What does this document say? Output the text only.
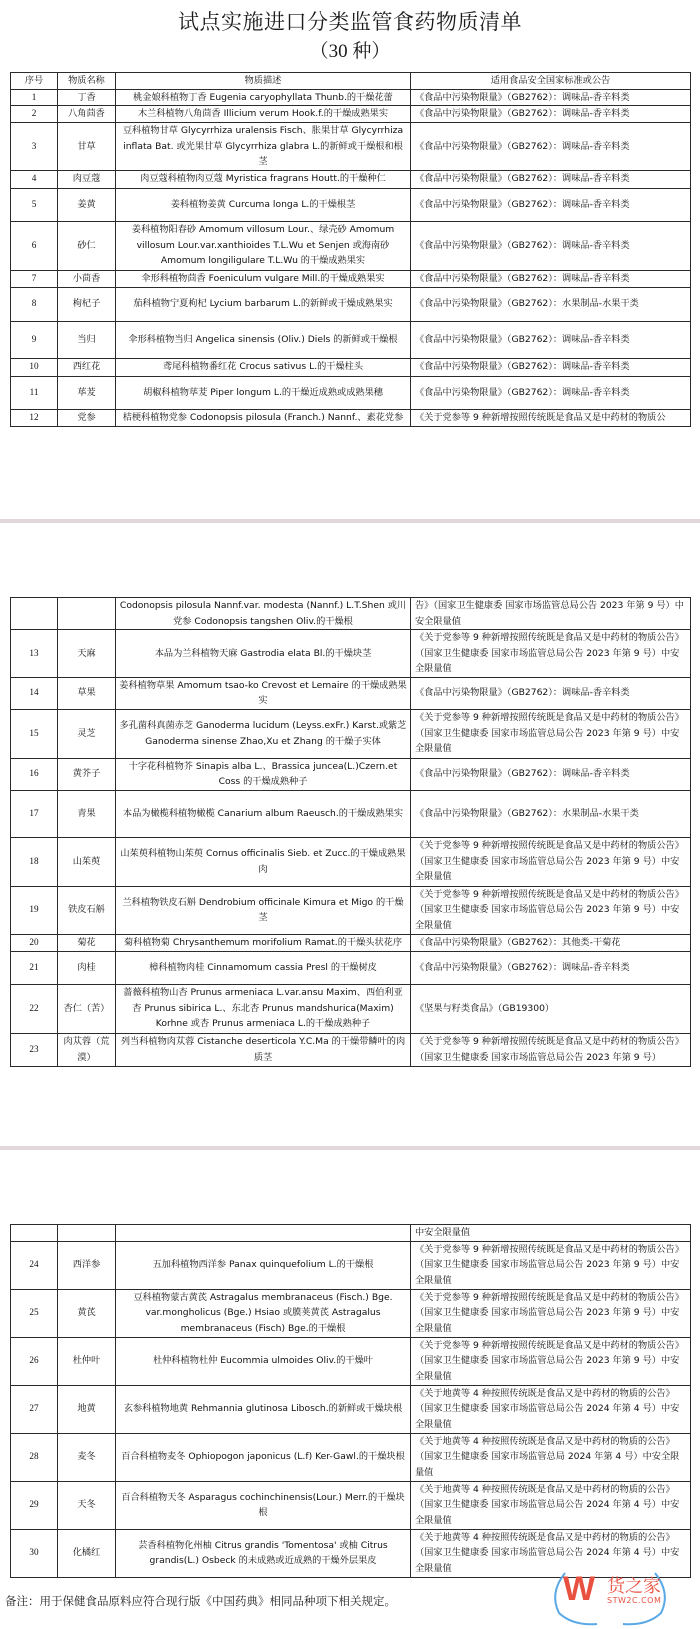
试点实施进口分类监管食药物质清单
（30 种）
序号	物质名称	物质描述	适用食品安全国家标准或公告
1	丁香	桃金娘科植物丁香 Eugenia caryophyllata Thunb.的干燥花蕾	《食品中污染物限量》（GB2762）：调味品-香辛料类
2	八角茴香	木兰科植物八角茴香 Illicium verum Hook.f.的干燥成熟果实	《食品中污染物限量》（GB2762）：调味品-香辛料类
3	甘草	豆科植物甘草 Glycyrrhiza uralensis Fisch、胀果甘草 Glycyrrhiza inflata Bat. 或光果甘草 Glycyrrhiza glabra L.的新鲜或干燥根和根茎	《食品中污染物限量》（GB2762）：调味品-香辛料类
4	肉豆蔻	肉豆蔻科植物肉豆蔻 Myristica fragrans Houtt.的干燥种仁	《食品中污染物限量》（GB2762）：调味品-香辛料类
5	姜黄	姜科植物姜黄 Curcuma longa L.的干燥根茎	《食品中污染物限量》（GB2762）：调味品-香辛料类
6	砂仁	姜科植物阳春砂 Amomum villosum Lour.、绿壳砂 Amomum villosum Lour.var.xanthioides T.L.Wu et Senjen 或海南砂 Amomum longiligulare T.L.Wu 的干燥成熟果实	《食品中污染物限量》（GB2762）：调味品-香辛料类
7	小茴香	伞形科植物茴香 Foeniculum vulgare Mill.的干燥成熟果实	《食品中污染物限量》（GB2762）：调味品-香辛料类
8	枸杞子	茄科植物宁夏枸杞 Lycium barbarum L.的新鲜或干燥成熟果实	《食品中污染物限量》（GB2762）：水果制品-水果干类
9	当归	伞形科植物当归 Angelica sinensis (Oliv.) Diels 的新鲜或干燥根	《食品中污染物限量》（GB2762）：调味品-香辛料类
10	西红花	鸢尾科植物番红花 Crocus sativus L.的干燥柱头	《食品中污染物限量》（GB2762）：调味品-香辛料类
11	荜茇	胡椒科植物荜茇 Piper longum L.的干燥近成熟或成熟果穗	《食品中污染物限量》（GB2762）：调味品-香辛料类
12	党参	桔梗科植物党参 Codonopsis pilosula (Franch.) Nannf.、素花党参	《关于党参等 9 种新增按照传统既是食品又是中药材的物质公
		Codonopsis pilosula Nannf.var. modesta (Nannf.) L.T.Shen 或川党参 Codonopsis tangshen Oliv.的干燥根	告》（国家卫生健康委 国家市场监管总局公告 2023 年第 9 号）中安全限量值
13	天麻	本品为兰科植物天麻 Gastrodia elata Bl.的干燥块茎	《关于党参等 9 种新增按照传统既是食品又是中药材的物质公告》（国家卫生健康委 国家市场监管总局公告 2023 年第 9 号）中安全限量值
14	草果	姜科植物草果 Amomum tsao-ko Crevost et Lemaire 的干燥成熟果实	《食品中污染物限量》（GB2762）：调味品-香辛料类
15	灵芝	多孔菌科真菌赤芝 Ganoderma lucidum (Leyss.exFr.) Karst.或紫芝 Ganoderma sinense Zhao,Xu et Zhang 的干燥子实体	《关于党参等 9 种新增按照传统既是食品又是中药材的物质公告》（国家卫生健康委 国家市场监管总局公告 2023 年第 9 号）中安全限量值
16	黄芥子	十字花科植物芥 Sinapis alba L.、Brassica juncea(L.)Czern.et Coss 的干燥成熟种子	《食品中污染物限量》（GB2762）：调味品-香辛料类
17	青果	本品为橄榄科植物橄榄 Canarium album Raeusch.的干燥成熟果实	《食品中污染物限量》（GB2762）：水果制品-水果干类
18	山茱萸	山茱萸科植物山茱萸 Cornus officinalis Sieb. et Zucc.的干燥成熟果肉	《关于党参等 9 种新增按照传统既是食品又是中药材的物质公告》（国家卫生健康委 国家市场监管总局公告 2023 年第 9 号）中安全限量值
19	铁皮石斛	兰科植物铁皮石斛 Dendrobium officinale Kimura et Migo 的干燥茎	《关于党参等 9 种新增按照传统既是食品又是中药材的物质公告》（国家卫生健康委 国家市场监管总局公告 2023 年第 9 号）中安全限量值
20	菊花	菊科植物菊 Chrysanthemum morifolium Ramat.的干燥头状花序	《食品中污染物限量》（GB2762）：其他类-干菊花
21	肉桂	樟科植物肉桂 Cinnamomum cassia Presl 的干燥树皮	《食品中污染物限量》（GB2762）：调味品-香辛料类
22	杏仁（苦）	蔷薇科植物山杏 Prunus armeniaca L.var.ansu Maxim、西伯利亚杏 Prunus sibirica L.、东北杏 Prunus mandshurica(Maxim) Korhne 或杏 Prunus armeniaca L.的干燥成熟种子	《坚果与籽类食品》（GB19300）
23	肉苁蓉（荒漠）	列当科植物肉苁蓉 Cistanche deserticola Y.C.Ma 的干燥带鳞叶的肉质茎	《关于党参等 9 种新增按照传统既是食品又是中药材的物质公告》（国家卫生健康委 国家市场监管总局公告 2023 年第 9 号）
			中安全限量值
24	西洋参	五加科植物西洋参 Panax quinquefolium L.的干燥根	《关于党参等 9 种新增按照传统既是食品又是中药材的物质公告》（国家卫生健康委 国家市场监管总局公告 2023 年第 9 号）中安全限量值
25	黄芪	豆科植物蒙古黄芪 Astragalus membranaceus (Fisch.) Bge. var.mongholicus (Bge.) Hsiao 或膜荚黄芪 Astragalus membranaceus (Fisch) Bge.的干燥根	《关于党参等 9 种新增按照传统既是食品又是中药材的物质公告》（国家卫生健康委 国家市场监管总局公告 2023 年第 9 号）中安全限量值
26	杜仲叶	杜仲科植物杜仲 Eucommia ulmoides Oliv.的干燥叶	《关于党参等 9 种新增按照传统既是食品又是中药材的物质公告》（国家卫生健康委 国家市场监管总局公告 2023 年第 9 号）中安全限量值
27	地黄	玄参科植物地黄 Rehmannia glutinosa Libosch.的新鲜或干燥块根	《关于地黄等 4 种按照传统既是食品又是中药材的物质的公告》（国家卫生健康委 国家市场监管总局公告 2024 年第 4 号）中安全限量值
28	麦冬	百合科植物麦冬 Ophiopogon japonicus (L.f) Ker-Gawl.的干燥块根	《关于地黄等 4 种按照传统既是食品又是中药材的物质的公告》（国家卫生健康委 国家市场监管总局 2024 年第 4 号）中安全限量值
29	天冬	百合科植物天冬 Asparagus cochinchinensis(Lour.) Merr.的干燥块根	《关于地黄等 4 种按照传统既是食品又是中药材的物质的公告》（国家卫生健康委 国家市场监管总局公告 2024 年第 4 号）中安全限量值
30	化橘红	芸香科植物化州柚 Citrus grandis 'Tomentosa' 或柚 Citrus grandis(L.) Osbeck 的未成熟或近成熟的干燥外层果皮	《关于地黄等 4 种按照传统既是食品又是中药材的物质的公告》（国家卫生健康委 国家市场监管总局公告 2024 年第 4 号）中安全限量值
备注：用于保健食品原料应符合现行版《中国药典》相同品种项下相关规定。	W 货之家
STW2C.COM
